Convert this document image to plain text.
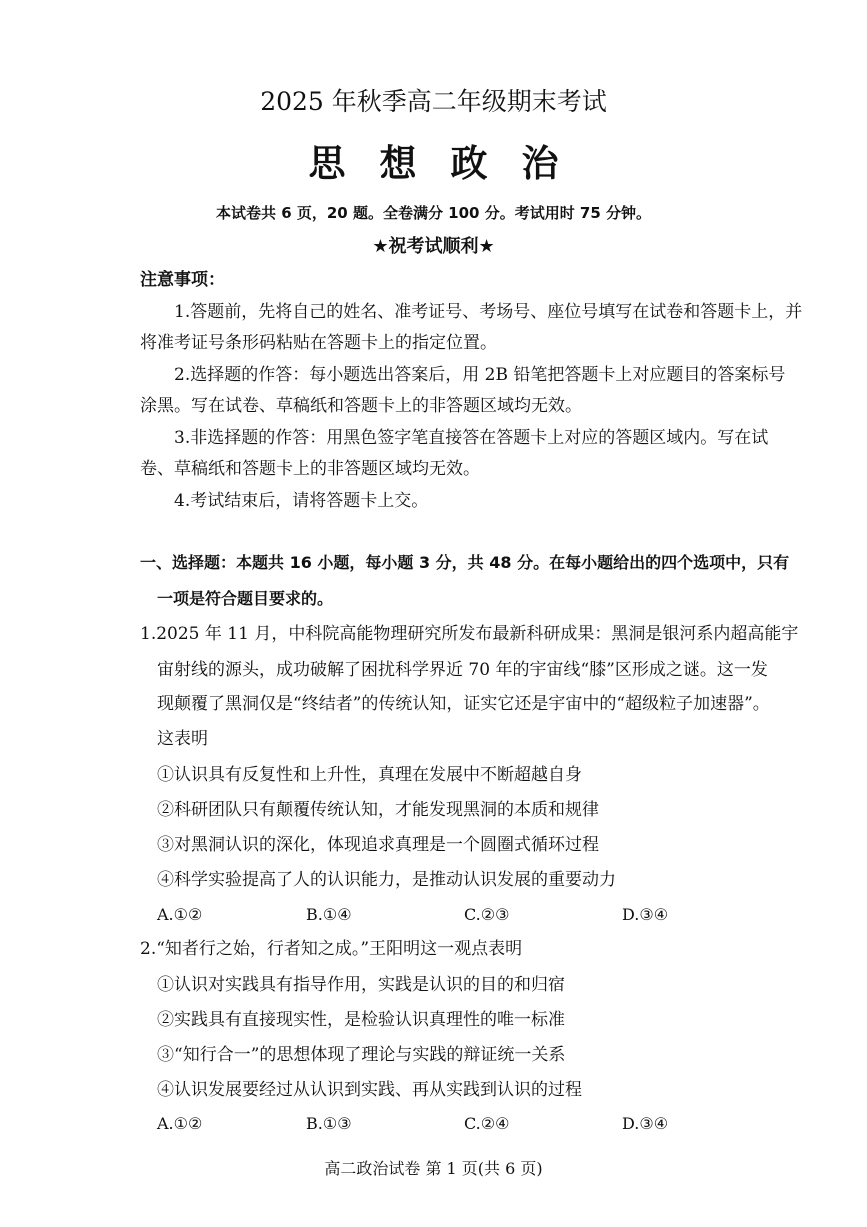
2025 年秋季高二年级期末考试
思想政治
本试卷共 6 页，20 题。全卷满分 100 分。考试用时 75 分钟。
★祝考试顺利★
注意事项：
1.答题前，先将自己的姓名、准考证号、考场号、座位号填写在试卷和答题卡上，并
将准考证号条形码粘贴在答题卡上的指定位置。
2.选择题的作答：每小题选出答案后，用 2B 铅笔把答题卡上对应题目的答案标号
涂黑。写在试卷、草稿纸和答题卡上的非答题区域均无效。
3.非选择题的作答：用黑色签字笔直接答在答题卡上对应的答题区域内。写在试
卷、草稿纸和答题卡上的非答题区域均无效。
4.考试结束后，请将答题卡上交。
一、选择题：本题共 16 小题，每小题 3 分，共 48 分。在每小题给出的四个选项中，只有
一项是符合题目要求的。
1.2025 年 11 月，中科院高能物理研究所发布最新科研成果：黑洞是银河系内超高能宇
宙射线的源头，成功破解了困扰科学界近 70 年的宇宙线“膝”区形成之谜。这一发
现颠覆了黑洞仅是“终结者”的传统认知，证实它还是宇宙中的“超级粒子加速器”。
这表明
①认识具有反复性和上升性，真理在发展中不断超越自身
②科研团队只有颠覆传统认知，才能发现黑洞的本质和规律
③对黑洞认识的深化，体现追求真理是一个圆圈式循环过程
④科学实验提高了人的认识能力，是推动认识发展的重要动力
A.①②	B.①④	C.②③	D.③④
2.“知者行之始，行者知之成。”王阳明这一观点表明
①认识对实践具有指导作用，实践是认识的目的和归宿
②实践具有直接现实性，是检验认识真理性的唯一标准
③“知行合一”的思想体现了理论与实践的辩证统一关系
④认识发展要经过从认识到实践、再从实践到认识的过程
A.①②	B.①③	C.②④	D.③④
高二政治试卷 第 1 页(共 6 页)
